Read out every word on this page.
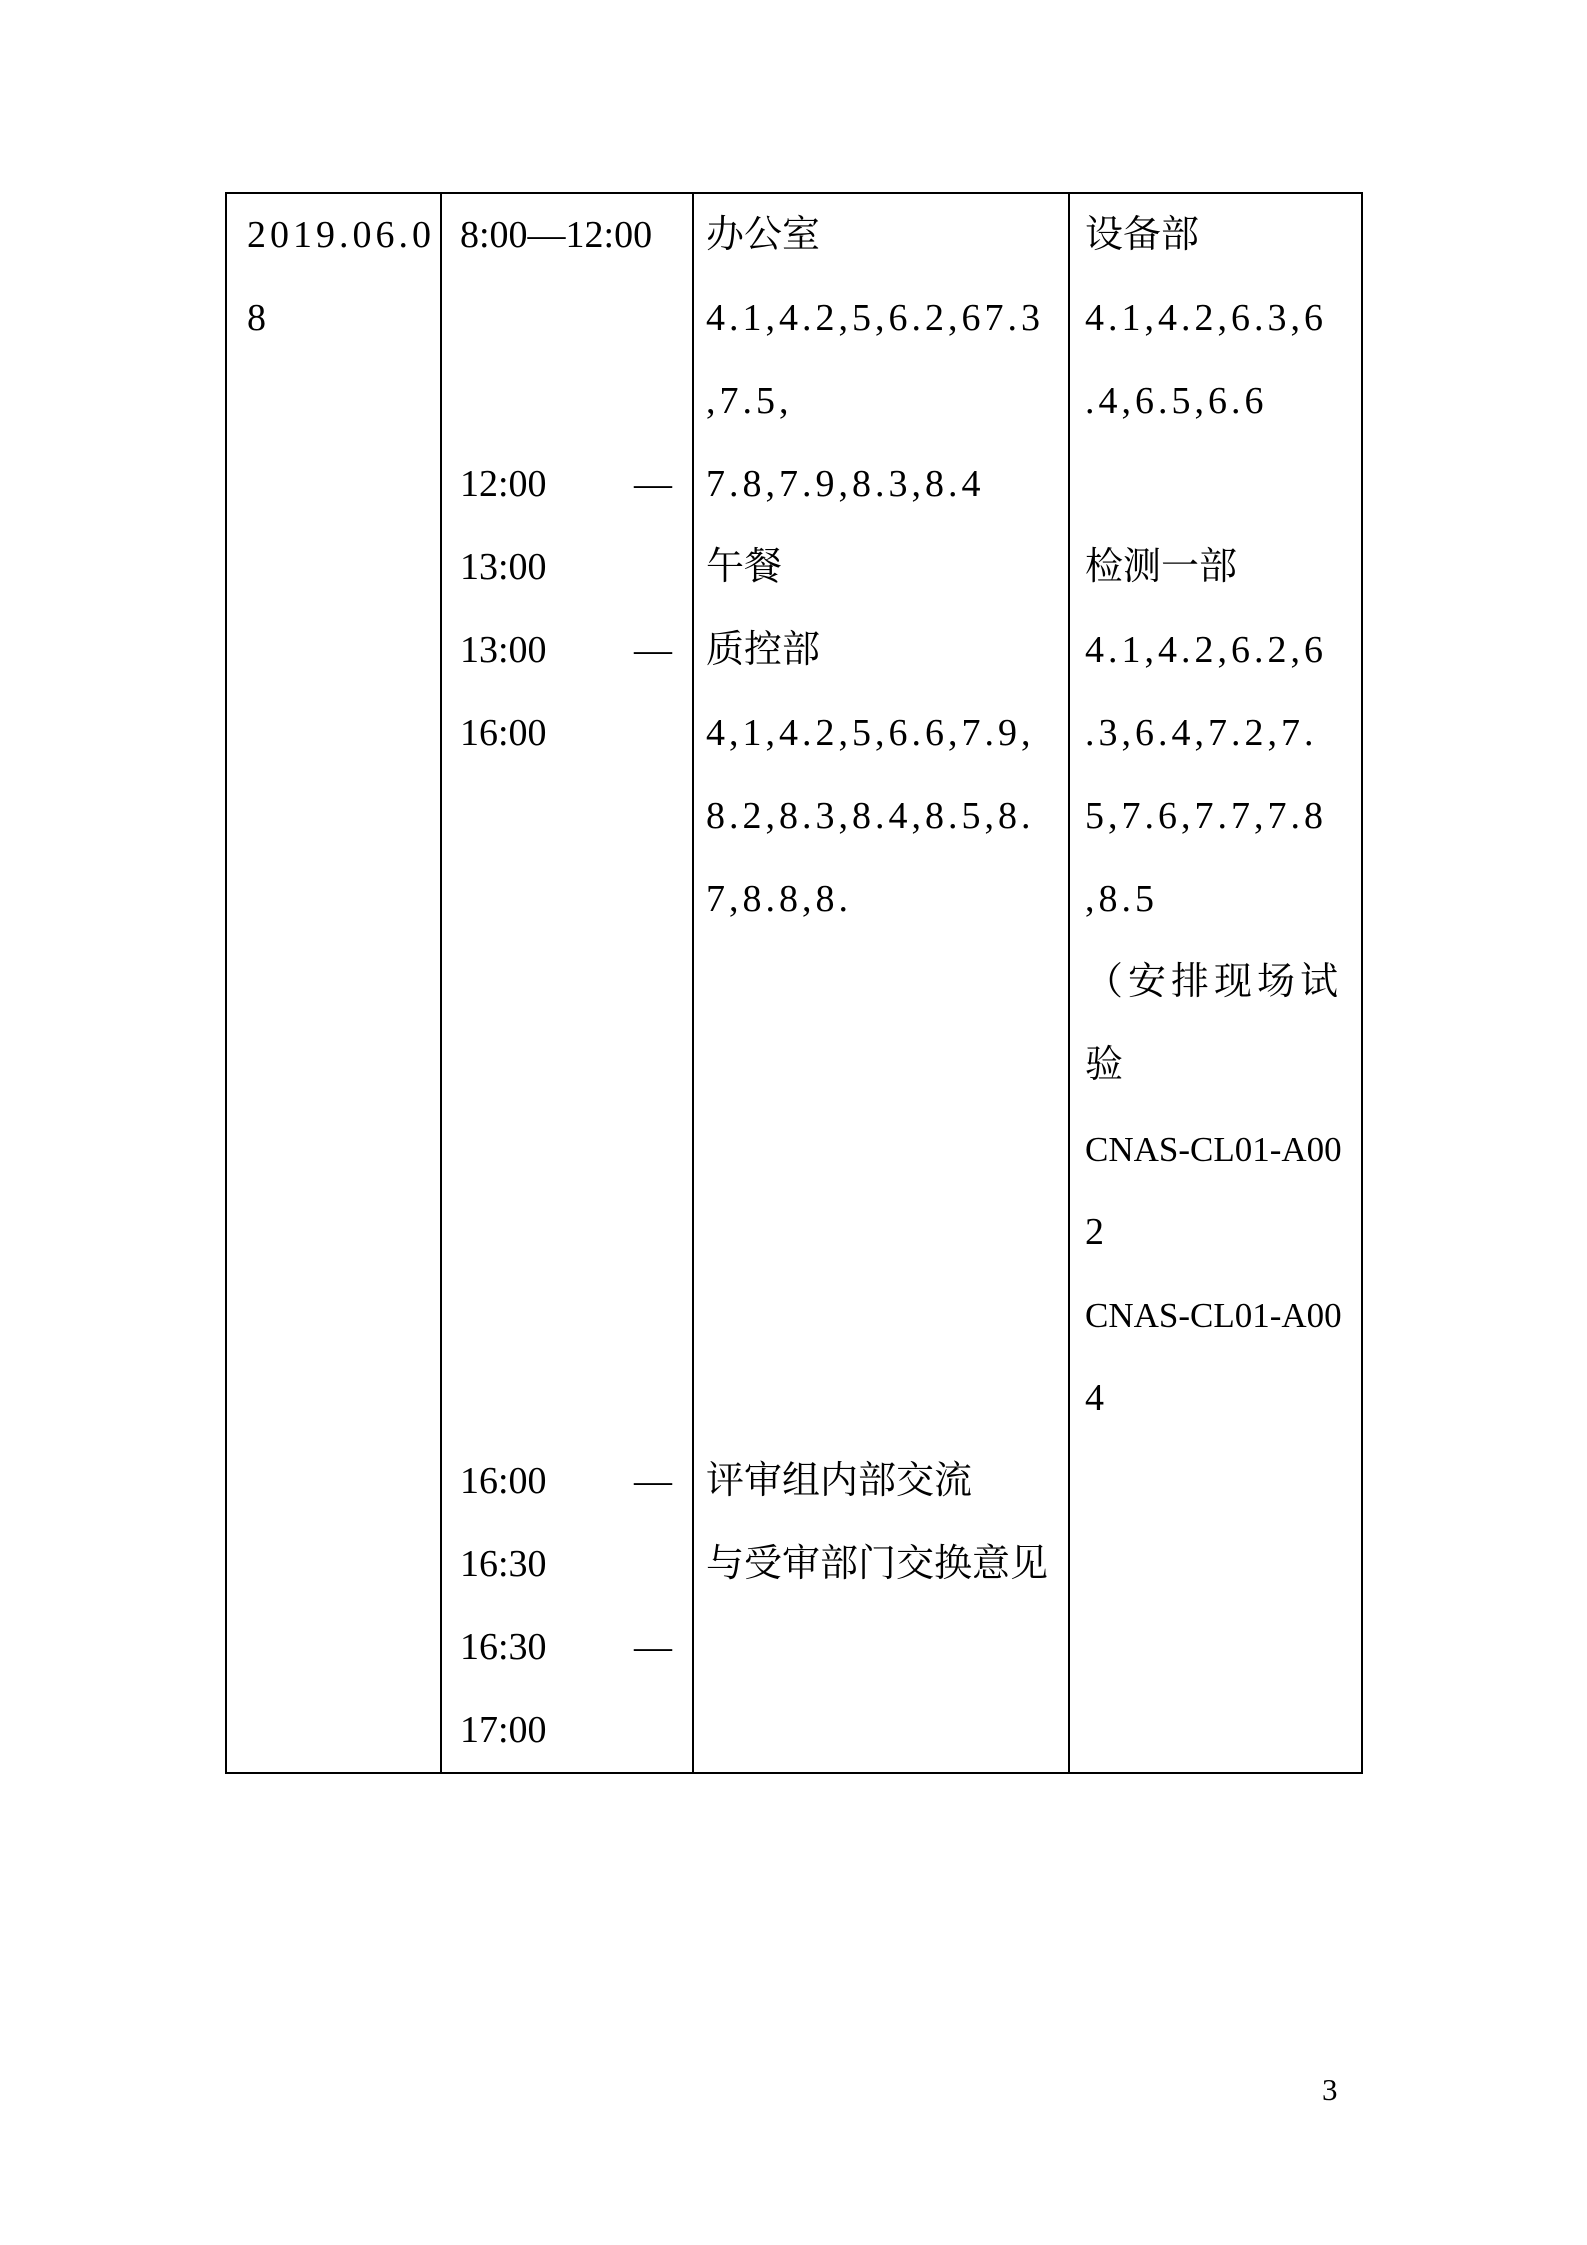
2019.06.0
8
8:00—12:00
12:00 —
13:00
13:00 —
16:00
16:00 —
16:30
16:30 —
17:00
办公室
4.1,4.2,5,6.2,67.3
,7.5,
7.8,7.9,8.3,8.4
午餐
质控部
4,1,4.2,5,6.6,7.9,
8.2,8.3,8.4,8.5,8.
7,8.8,8.
评审组内部交流
与受审部门交换意见
设备部
4.1,4.2,6.3,6
.4,6.5,6.6
检测一部
4.1,4.2,6.2,6
.3,6.4,7.2,7.
5,7.6,7.7,7.8
,8.5
（安排现场试
验
CNAS-CL01-A00
2
CNAS-CL01-A00
4
3
